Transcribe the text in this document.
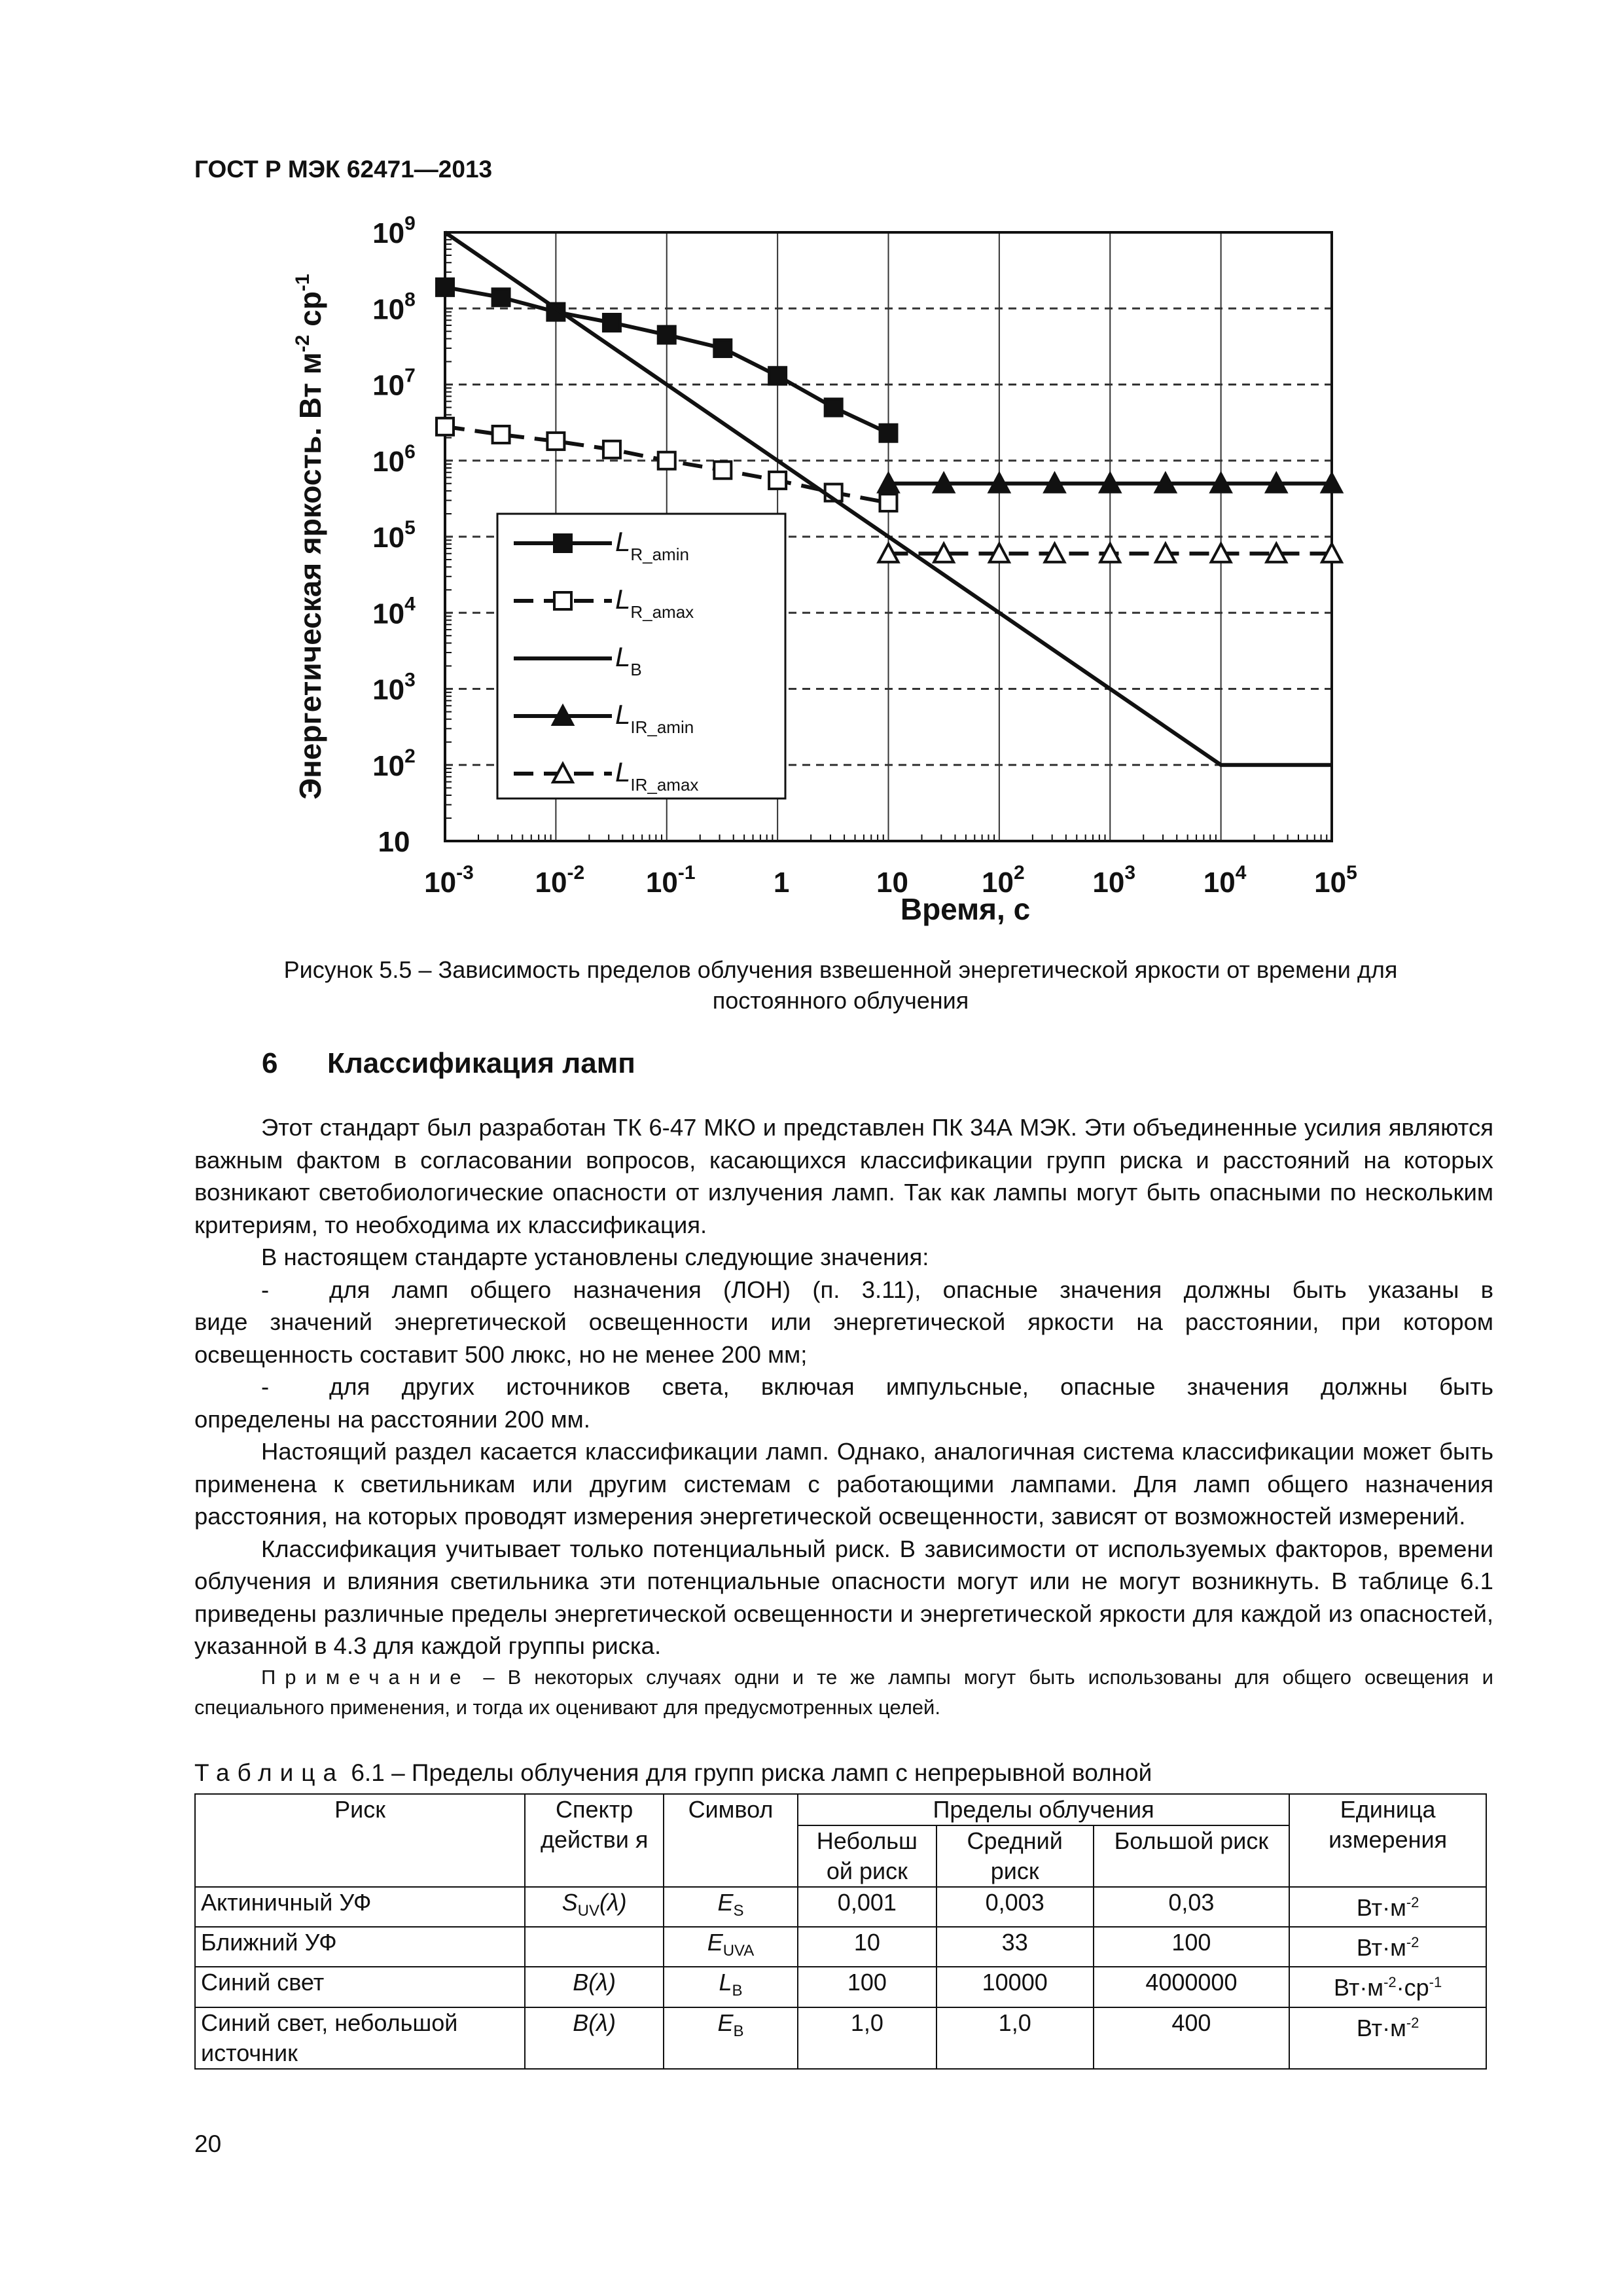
ГОСТ Р МЭК 62471—2013
$10^{-3}$ $10^{-2}$ $10^{-1}$	1	10	$10^2$ $10^3$ $10^4$ $10^5$
10
$10^2$
$10^3$
$10^4$
$10^5$
$10^6$
$10^7$
$10^8$
$10^9$
Время, с
Энергетическая яркость. Вт $м^{-2}$ $ср^{-1}$
$L_{R\_amin}$
$L_{R\_amax}$
$L_B$
$L_{IR\_amin}$
$L_{IR\_amax}$
Рисунок 5.5 – Зависимость пределов облучения взвешенной энергетической яркости от времени для
постоянного облучения
6 Классификация ламп

Этот стандарт был разработан ТК 6-47 МКО и представлен ПК 34А МЭК. Эти объединенные усилия являются важным фактом в согласовании вопросов, касающихся классификации групп риска и расстояний на которых возникают светобиологические опасности от излучения ламп. Так как лампы могут быть опасными по нескольким критериям, то необходима их классификация.

В настоящем стандарте установлены следующие значения:

-	для ламп общего назначения (ЛОН) (п. 3.11), опасные значения должны быть указаны в

виде значений энергетической освещенности или энергетической яркости на расстоянии, при котором освещенность составит 500 люкс, но не менее 200 мм;

-	для других источников света, включая импульсные, опасные значения должны быть

определены на расстоянии 200 мм.

Настоящий раздел касается классификации ламп. Однако, аналогичная система классификации может быть применена к светильникам или другим системам с работающими лампами. Для ламп общего назначения расстояния, на которых проводят измерения энергетической освещенности, зависят от возможностей измерений.

Классификация учитывает только потенциальный риск. В зависимости от используемых факторов, времени облучения и влияния светильника эти потенциальные опасности могут или не могут возникнуть. В таблице 6.1 приведены различные пределы энергетической освещенности и энергетической яркости для каждой из опасностей, указанной в 4.3 для каждой группы риска.

Примечание – В некоторых случаях одни и те же лампы могут быть использованы для общего освещения и специального применения, и тогда их оценивают для предусмотренных целей.

Таблица 6.1 – Пределы облучения для групп риска ламп с непрерывной волной
Риск	Спектр действи я	Символ	Пределы облучения			Единица измерения
			Небольш ой риск	Средний риск	Большой риск	
Актиничный УФ	$S_{UV}(\lambda)$	$E_S$	0,001	0,003	0,03	$Вт\cdot м^{-2}$
Ближний УФ		$E_{UVA}$	10	33	100	$Вт\cdot м^{-2}$
Синий свет	B(λ)	$L_B$	100	10000	4000000	$Вт\cdot м^{-2}\cdot ср^{-1}$
Синий свет, небольшой источник	B(λ)	$E_B$	1,0	1,0	400	$Вт\cdot м^{-2}$
20
